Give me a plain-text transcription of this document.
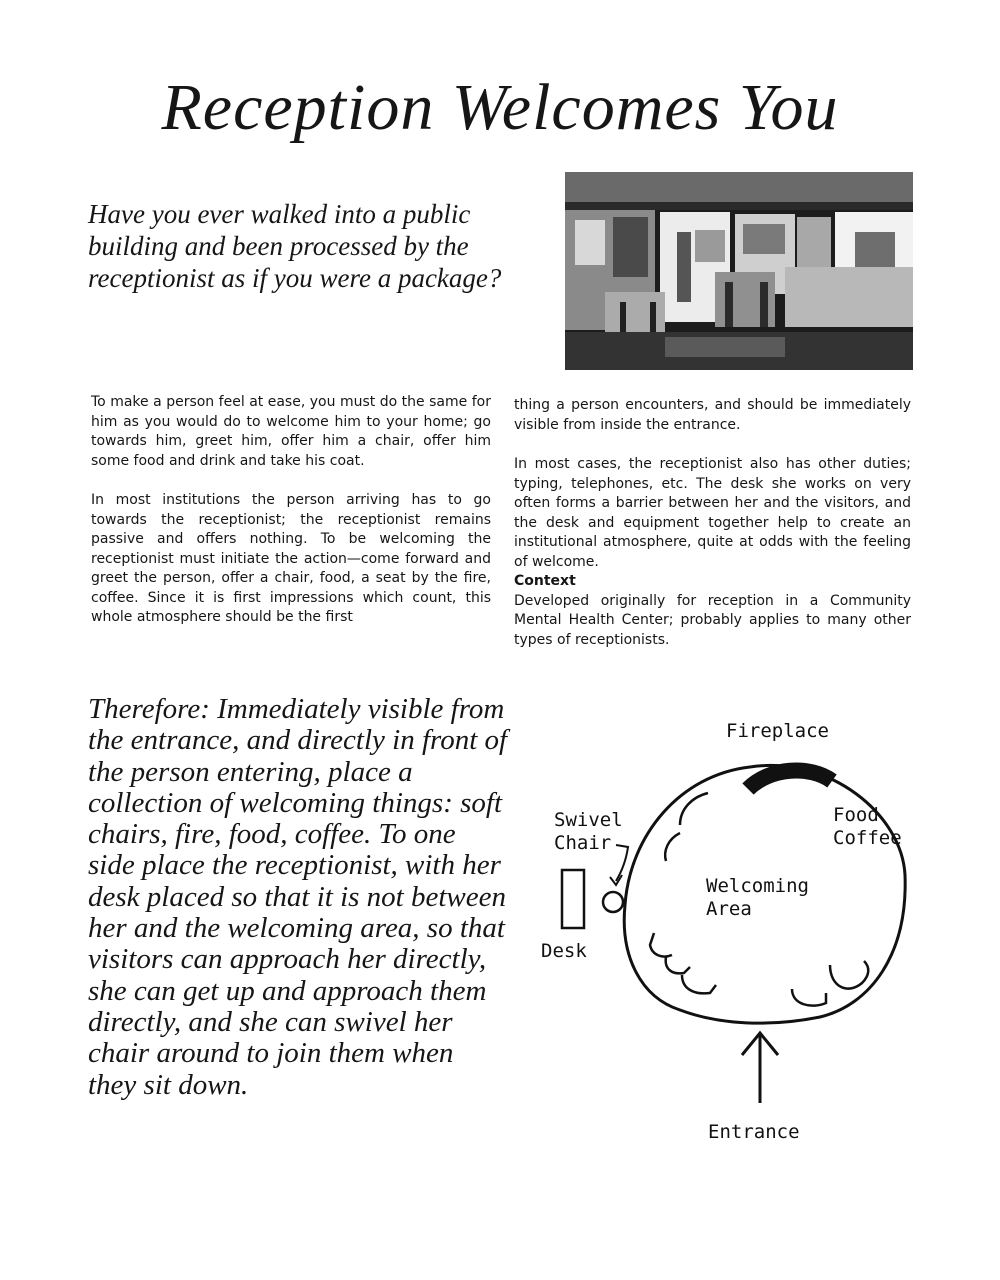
Reception Welcomes You
Have you ever walked into a public building and been processed by the receptionist as if you were a package?

To make a person feel at ease, you must do the same for him as you would do to welcome him to your home; go towards him, greet him, offer him a chair, offer him some food and drink and take his coat.

In most institutions the person arriving has to go towards the receptionist; the receptionist remains passive and offers nothing. To be welcoming the receptionist must initiate the action—come forward and greet the person, offer a chair, food, a seat by the fire, coffee. Since it is first impressions which count, this whole atmosphere should be the first

thing a person encounters, and should be immediately visible from inside the entrance.

In most cases, the receptionist also has other duties; typing, telephones, etc. The desk she works on very often forms a barrier between her and the visitors, and the desk and equipment together help to create an institutional atmosphere, quite at odds with the feeling of welcome.

Context
Developed originally for reception in a Community Mental Health Center; probably applies to many other types of receptionists.
Therefore: Immediately visible from the entrance, and directly in front of the person entering, place a collection of welcoming things: soft chairs, fire, food, coffee. To one side place the receptionist, with her desk placed so that it is not between her and the welcoming area, so that visitors can approach her directly, she can get up and approach them directly, and she can swivel her chair around to join them when they sit down.
Fireplace
Food
Coffee
Swivel
Chair
Welcoming
Area
Desk
Entrance
